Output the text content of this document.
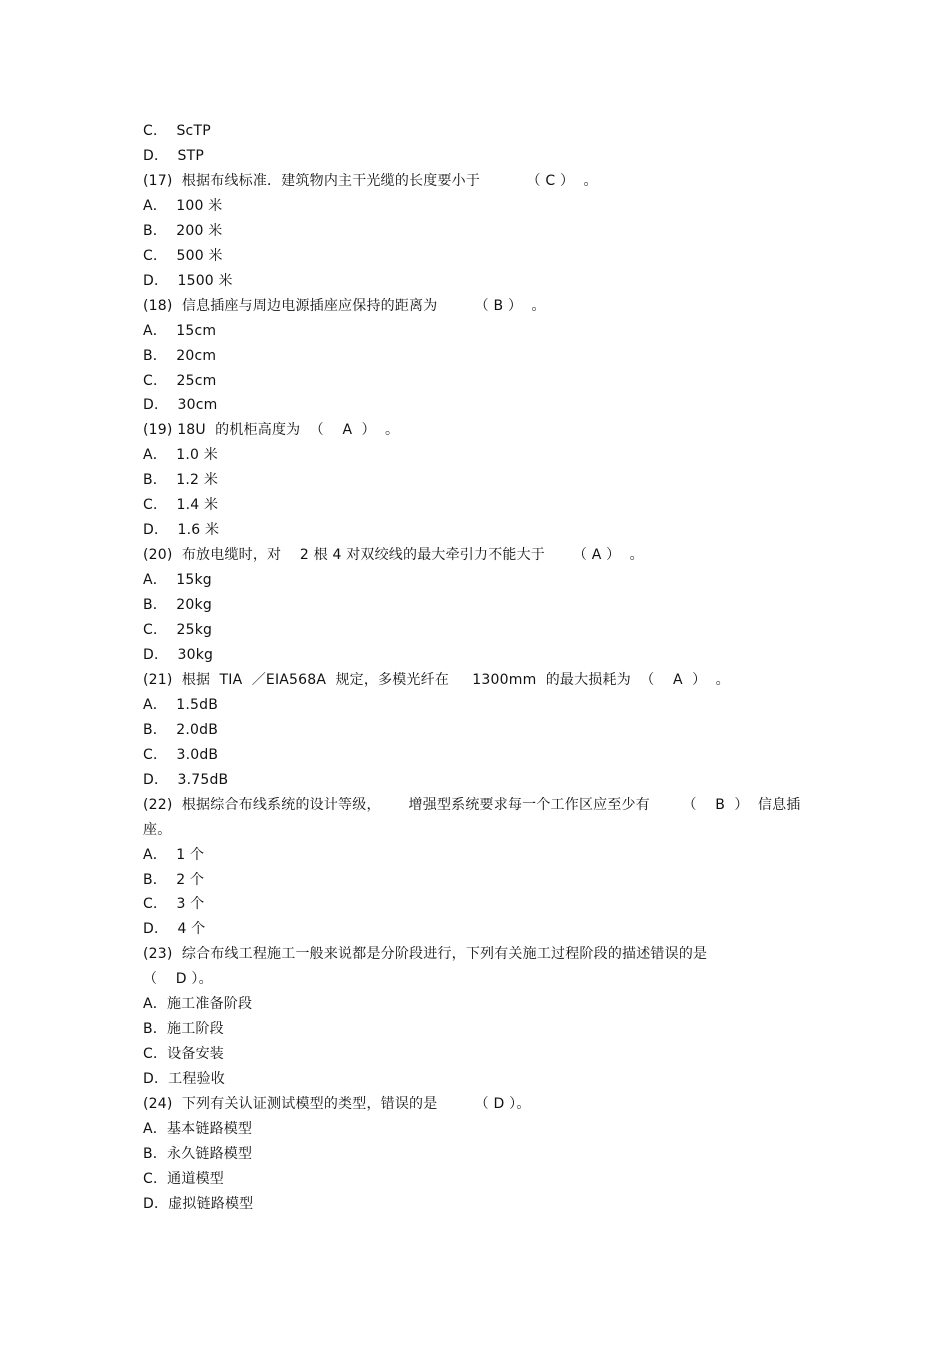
C．  ScTP
D．  STP
(17)  根据布线标准．建筑物内主干光缆的长度要小于          （ C ）  。
A．  100 米
B．  200 米
C．  500 米
D．  1500 米
(18)  信息插座与周边电源插座应保持的距离为        （ B ）  。
A．  15cm
B．  20cm
C．  25cm
D．  30cm
(19) 18U  的机柜高度为  （    A  ）  。
A．  1.0 米
B．  1.2 米
C．  1.4 米
D．  1.6 米
(20)  布放电缆时，对    2 根 4 对双绞线的最大牵引力不能大于      （ A ）  。
A．  15kg
B．  20kg
C．  25kg
D．  30kg
(21)  根据  TIA  ／EIA568A  规定，多模光纤在     1300mm  的最大损耗为  （    A  ）  。
A．  1.5dB
B．  2.0dB
C．  3.0dB
D．  3.75dB
(22)  根据综合布线系统的设计等级，      增强型系统要求每一个工作区应至少有       （    B  ）  信息插
座。
A．  1 个
B．  2 个
C．  3 个
D．  4 个
(23)  综合布线工程施工一般来说都是分阶段进行，下列有关施工过程阶段的描述错误的是
（    D ）。
A．施工准备阶段
B．施工阶段
C．设备安装
D．工程验收
(24)  下列有关认证测试模型的类型，错误的是        （ D ）。
A．基本链路模型
B．永久链路模型
C．通道模型
D．虚拟链路模型
